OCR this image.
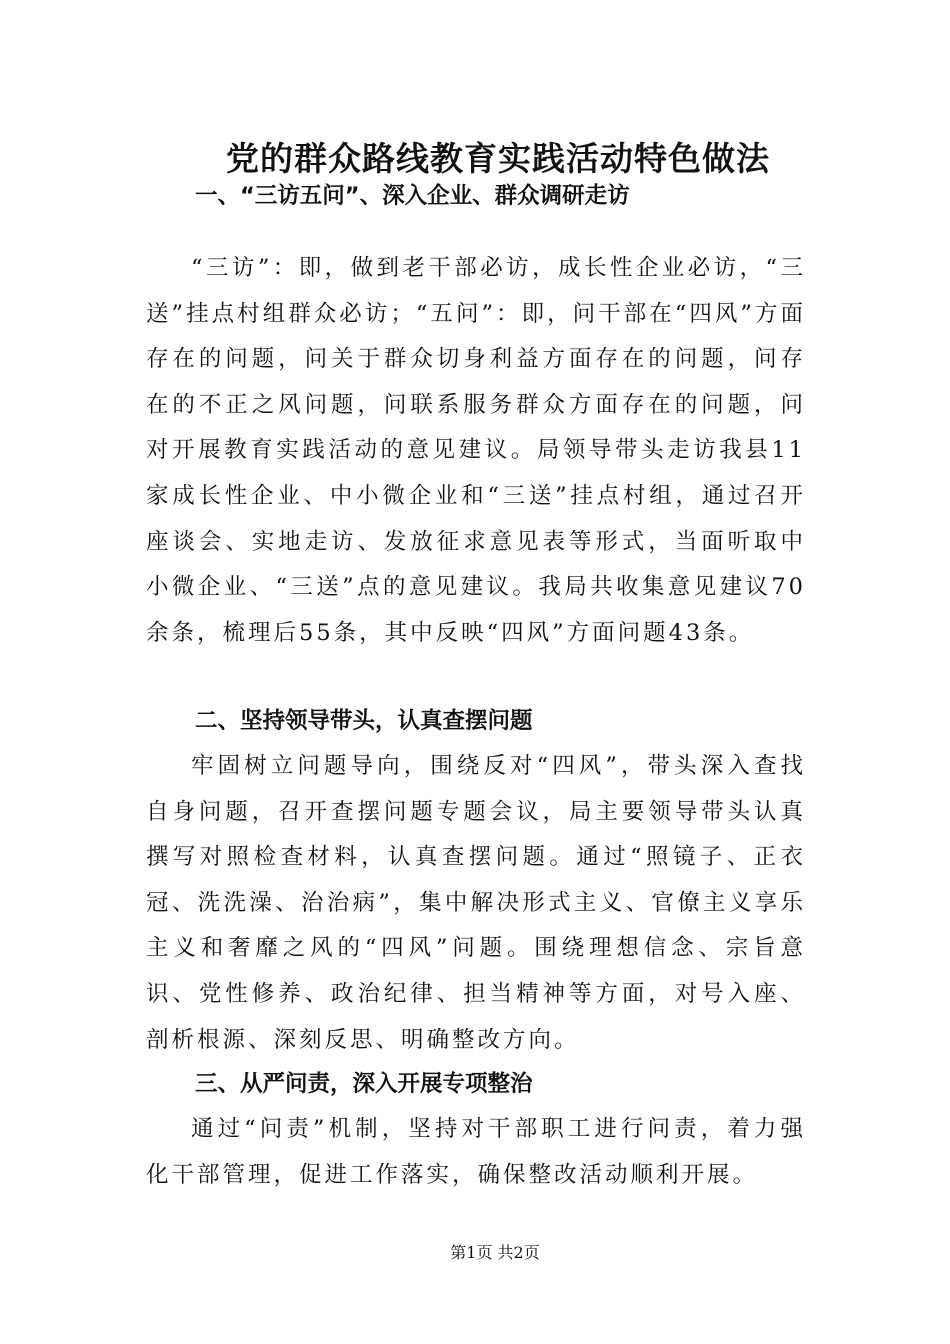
党的群众路线教育实践活动特色做法
一、“三访五问”、深入企业、群众调研走访

“三访”：即，做到老干部必访，成长性企业必访，“三送”挂点村组群众必访；“五问”：即，问干部在“四风”方面存在的问题，问关于群众切身利益方面存在的问题，问存在的不正之风问题，问联系服务群众方面存在的问题，问对开展教育实践活动的意见建议。局领导带头走访我县11家成长性企业、中小微企业和“三送”挂点村组，通过召开座谈会、实地走访、发放征求意见表等形式，当面听取中小微企业、“三送”点的意见建议。我局共收集意见建议70余条，梳理后55条，其中反映“四风”方面问题43条。

二、坚持领导带头，认真查摆问题

牢固树立问题导向，围绕反对“四风”，带头深入查找自身问题，召开查摆问题专题会议，局主要领导带头认真撰写对照检查材料，认真查摆问题。通过“照镜子、正衣冠、洗洗澡、治治病”，集中解决形式主义、官僚主义享乐主义和奢靡之风的“四风”问题。围绕理想信念、宗旨意识、党性修养、政治纪律、担当精神等方面，对号入座、剖析根源、深刻反思、明确整改方向。

三、从严问责，深入开展专项整治

通过“问责”机制，坚持对干部职工进行问责，着力强化干部管理，促进工作落实，确保整改活动顺利开展。

第1页 共2页
